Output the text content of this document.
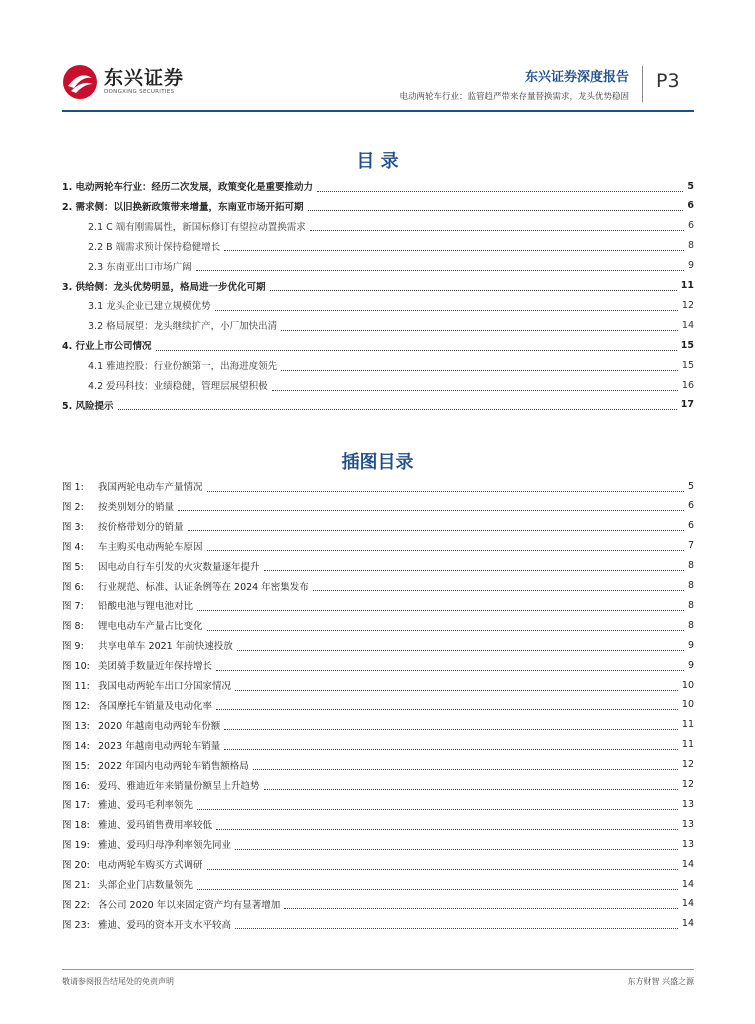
东兴证券
DONGXING SECURITIES
东兴证券深度报告
电动两轮车行业：监管趋严带来存量替换需求，龙头优势稳固
P3
目 录
1. 电动两轮车行业：经历二次发展，政策变化是重要推动力	5
2. 需求侧：以旧换新政策带来增量，东南亚市场开拓可期	6
2.1 C 端有刚需属性，新国标修订有望拉动置换需求	6
2.2 B 端需求预计保持稳健增长	8
2.3 东南亚出口市场广阔	9
3. 供给侧：龙头优势明显，格局进一步优化可期	11
3.1 龙头企业已建立规模优势	12
3.2 格局展望：龙头继续扩产，小厂加快出清	14
4. 行业上市公司情况	15
4.1 雅迪控股：行业份额第一，出海进度领先	15
4.2 爱玛科技：业绩稳健，管理层展望积极	16
5. 风险提示	17
插图目录
图 1: 我国两轮电动车产量情况	5
图 2: 按类别划分的销量	6
图 3: 按价格带划分的销量	6
图 4: 车主购买电动两轮车原因	7
图 5: 因电动自行车引发的火灾数量逐年提升	8
图 6: 行业规范、标准、认证条例等在 2024 年密集发布	8
图 7: 铅酸电池与锂电池对比	8
图 8: 锂电电动车产量占比变化	8
图 9: 共享电单车 2021 年前快速投放	9
图 10: 美团骑手数量近年保持增长	9
图 11: 我国电动两轮车出口分国家情况	10
图 12: 各国摩托车销量及电动化率	10
图 13: 2020 年越南电动两轮车份额	11
图 14: 2023 年越南电动两轮车销量	11
图 15: 2022 年国内电动两轮车销售额格局	12
图 16: 爱玛、雅迪近年来销量份额呈上升趋势	12
图 17: 雅迪、爱玛毛利率领先	13
图 18: 雅迪、爱玛销售费用率较低	13
图 19: 雅迪、爱玛归母净利率领先同业	13
图 20: 电动两轮车购买方式调研	14
图 21: 头部企业门店数量领先	14
图 22: 各公司 2020 年以来固定资产均有显著增加	14
图 23: 雅迪、爱玛的资本开支水平较高	14
敬请参阅报告结尾处的免责声明	东方财智 兴盛之源
